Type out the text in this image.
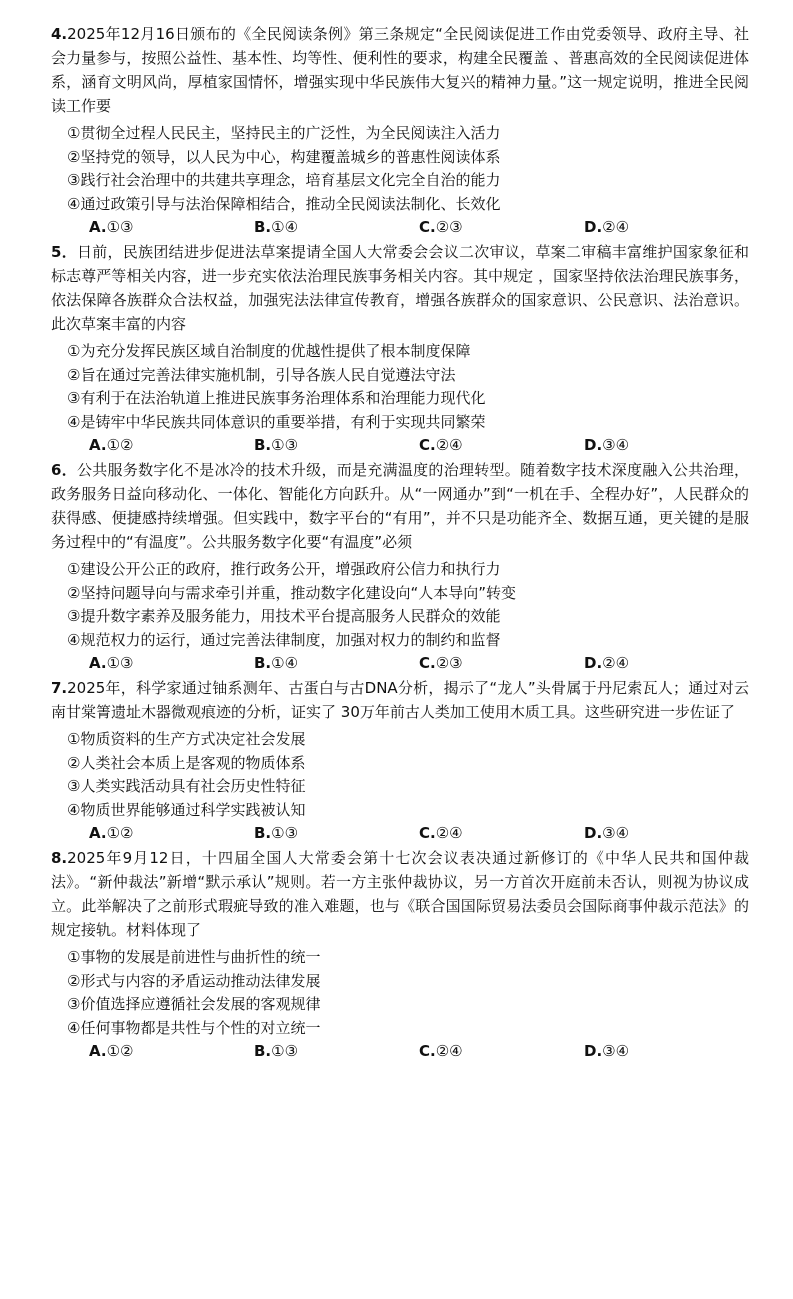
4.2025年12月16日颁布的《全民阅读条例》第三条规定“全民阅读促进工作由党委领导、政府主导、社会力量参与，按照公益性、基本性、均等性、便利性的要求，构建全民覆盖 、普惠高效的全民阅读促进体系，涵育文明风尚，厚植家国情怀，增强实现中华民族伟大复兴的精神力量。”这一规定说明，推进全民阅读工作要

①贯彻全过程人民民主，坚持民主的广泛性，为全民阅读注入活力
②坚持党的领导，以人民为中心，构建覆盖城乡的普惠性阅读体系
③践行社会治理中的共建共享理念，培育基层文化完全自治的能力
④通过政策引导与法治保障相结合，推动全民阅读法制化、长效化
A.①③	B.①④	C.②③	D.②④

5．日前，民族团结进步促进法草案提请全国人大常委会会议二次审议，草案二审稿丰富维护国家象征和标志尊严等相关内容，进一步充实依法治理民族事务相关内容。其中规定 ，国家坚持依法治理民族事务，依法保障各族群众合法权益，加强宪法法律宣传教育，增强各族群众的国家意识、公民意识、法治意识。此次草案丰富的内容

①为充分发挥民族区域自治制度的优越性提供了根本制度保障
②旨在通过完善法律实施机制，引导各族人民自觉遵法守法
③有利于在法治轨道上推进民族事务治理体系和治理能力现代化
④是铸牢中华民族共同体意识的重要举措，有利于实现共同繁荣
A.①②	B.①③	C.②④	D.③④

6．公共服务数字化不是冰冷的技术升级，而是充满温度的治理转型。随着数字技术深度融入公共治理，政务服务日益向移动化、一体化、智能化方向跃升。从“一网通办”到“一机在手、全程办好”，人民群众的获得感、便捷感持续增强。但实践中，数字平台的“有用”，并不只是功能齐全、数据互通，更关键的是服务过程中的“有温度”。公共服务数字化要“有温度”必须

①建设公开公正的政府，推行政务公开，增强政府公信力和执行力
②坚持问题导向与需求牵引并重，推动数字化建设向“人本导向”转变
③提升数字素养及服务能力，用技术平台提高服务人民群众的效能
④规范权力的运行，通过完善法律制度，加强对权力的制约和监督
A.①③	B.①④	C.②③	D.②④

7.2025年，科学家通过铀系测年、古蛋白与古DNA分析，揭示了“龙人”头骨属于丹尼索瓦人；通过对云南甘棠箐遗址木器微观痕迹的分析，证实了 30万年前古人类加工使用木质工具。这些研究进一步佐证了

①物质资料的生产方式决定社会发展
②人类社会本质上是客观的物质体系
③人类实践活动具有社会历史性特征
④物质世界能够通过科学实践被认知
A.①②	B.①③	C.②④	D.③④

8.2025年9月12日，十四届全国人大常委会第十七次会议表决通过新修订的《中华人民共和国仲裁法》。“新仲裁法”新增“默示承认”规则。若一方主张仲裁协议，另一方首次开庭前未否认，则视为协议成立。此举解决了之前形式瑕疵导致的准入难题，也与《联合国国际贸易法委员会国际商事仲裁示范法》的规定接轨。材料体现了

①事物的发展是前进性与曲折性的统一
②形式与内容的矛盾运动推动法律发展
③价值选择应遵循社会发展的客观规律
④任何事物都是共性与个性的对立统一
A.①②	B.①③	C.②④	D.③④
